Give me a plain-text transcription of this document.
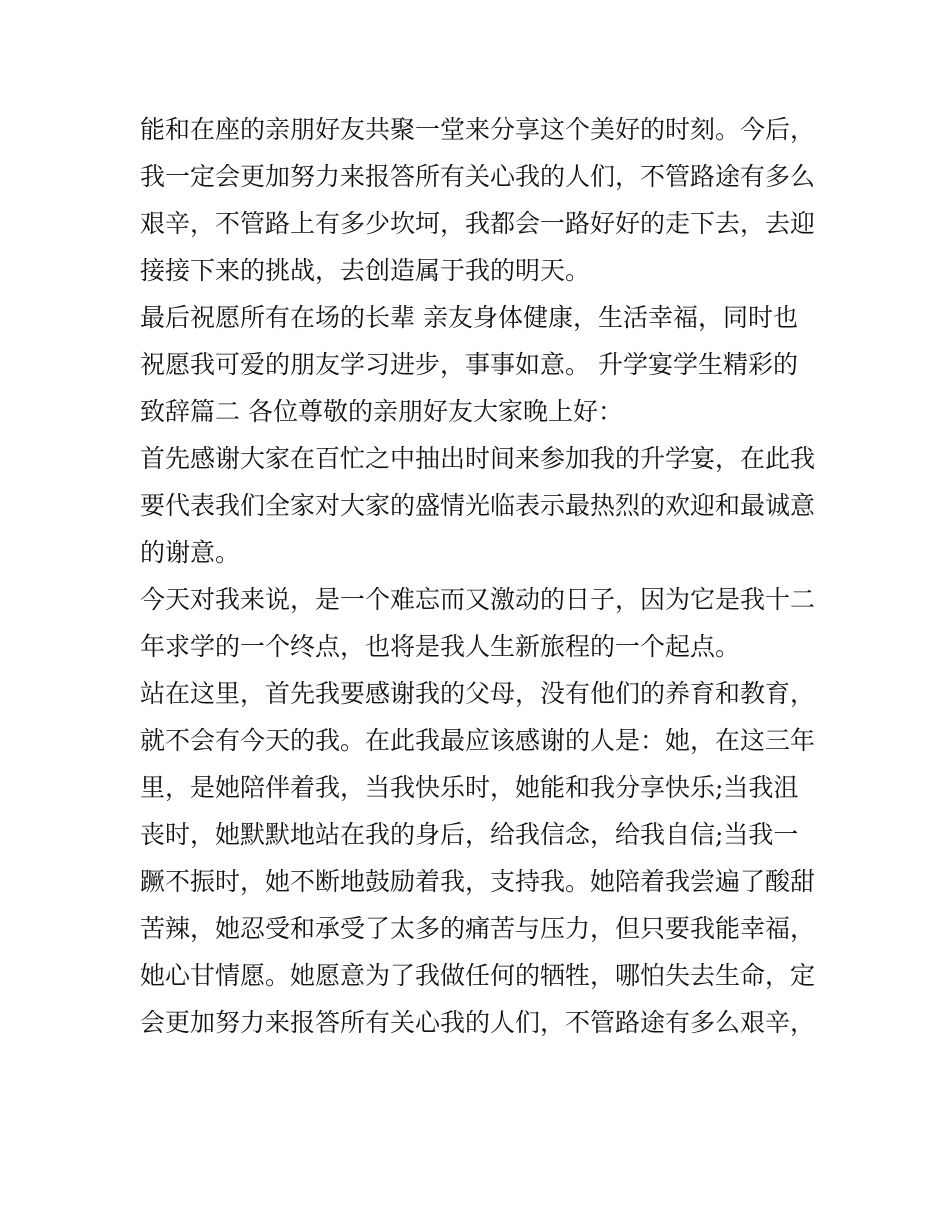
能和在座的亲朋好友共聚一堂来分享这个美好的时刻。今后，
我一定会更加努力来报答所有关心我的人们，不管路途有多么
艰辛，不管路上有多少坎坷，我都会一路好好的走下去，去迎
接接下来的挑战，去创造属于我的明天。
最后祝愿所有在场的长辈 亲友身体健康，生活幸福，同时也
祝愿我可爱的朋友学习进步，事事如意。 升学宴学生精彩的
致辞篇二 各位尊敬的亲朋好友大家晚上好：
首先感谢大家在百忙之中抽出时间来参加我的升学宴，在此我
要代表我们全家对大家的盛情光临表示最热烈的欢迎和最诚意
的谢意。
今天对我来说，是一个难忘而又激动的日子，因为它是我十二
年求学的一个终点，也将是我人生新旅程的一个起点。
站在这里，首先我要感谢我的父母，没有他们的养育和教育，
就不会有今天的我。在此我最应该感谢的人是：她，在这三年
里，是她陪伴着我，当我快乐时，她能和我分享快乐;当我沮
丧时，她默默地站在我的身后，给我信念，给我自信;当我一
蹶不振时，她不断地鼓励着我，支持我。她陪着我尝遍了酸甜
苦辣，她忍受和承受了太多的痛苦与压力，但只要我能幸福，
她心甘情愿。她愿意为了我做任何的牺牲，哪怕失去生命，定
会更加努力来报答所有关心我的人们，不管路途有多么艰辛，
